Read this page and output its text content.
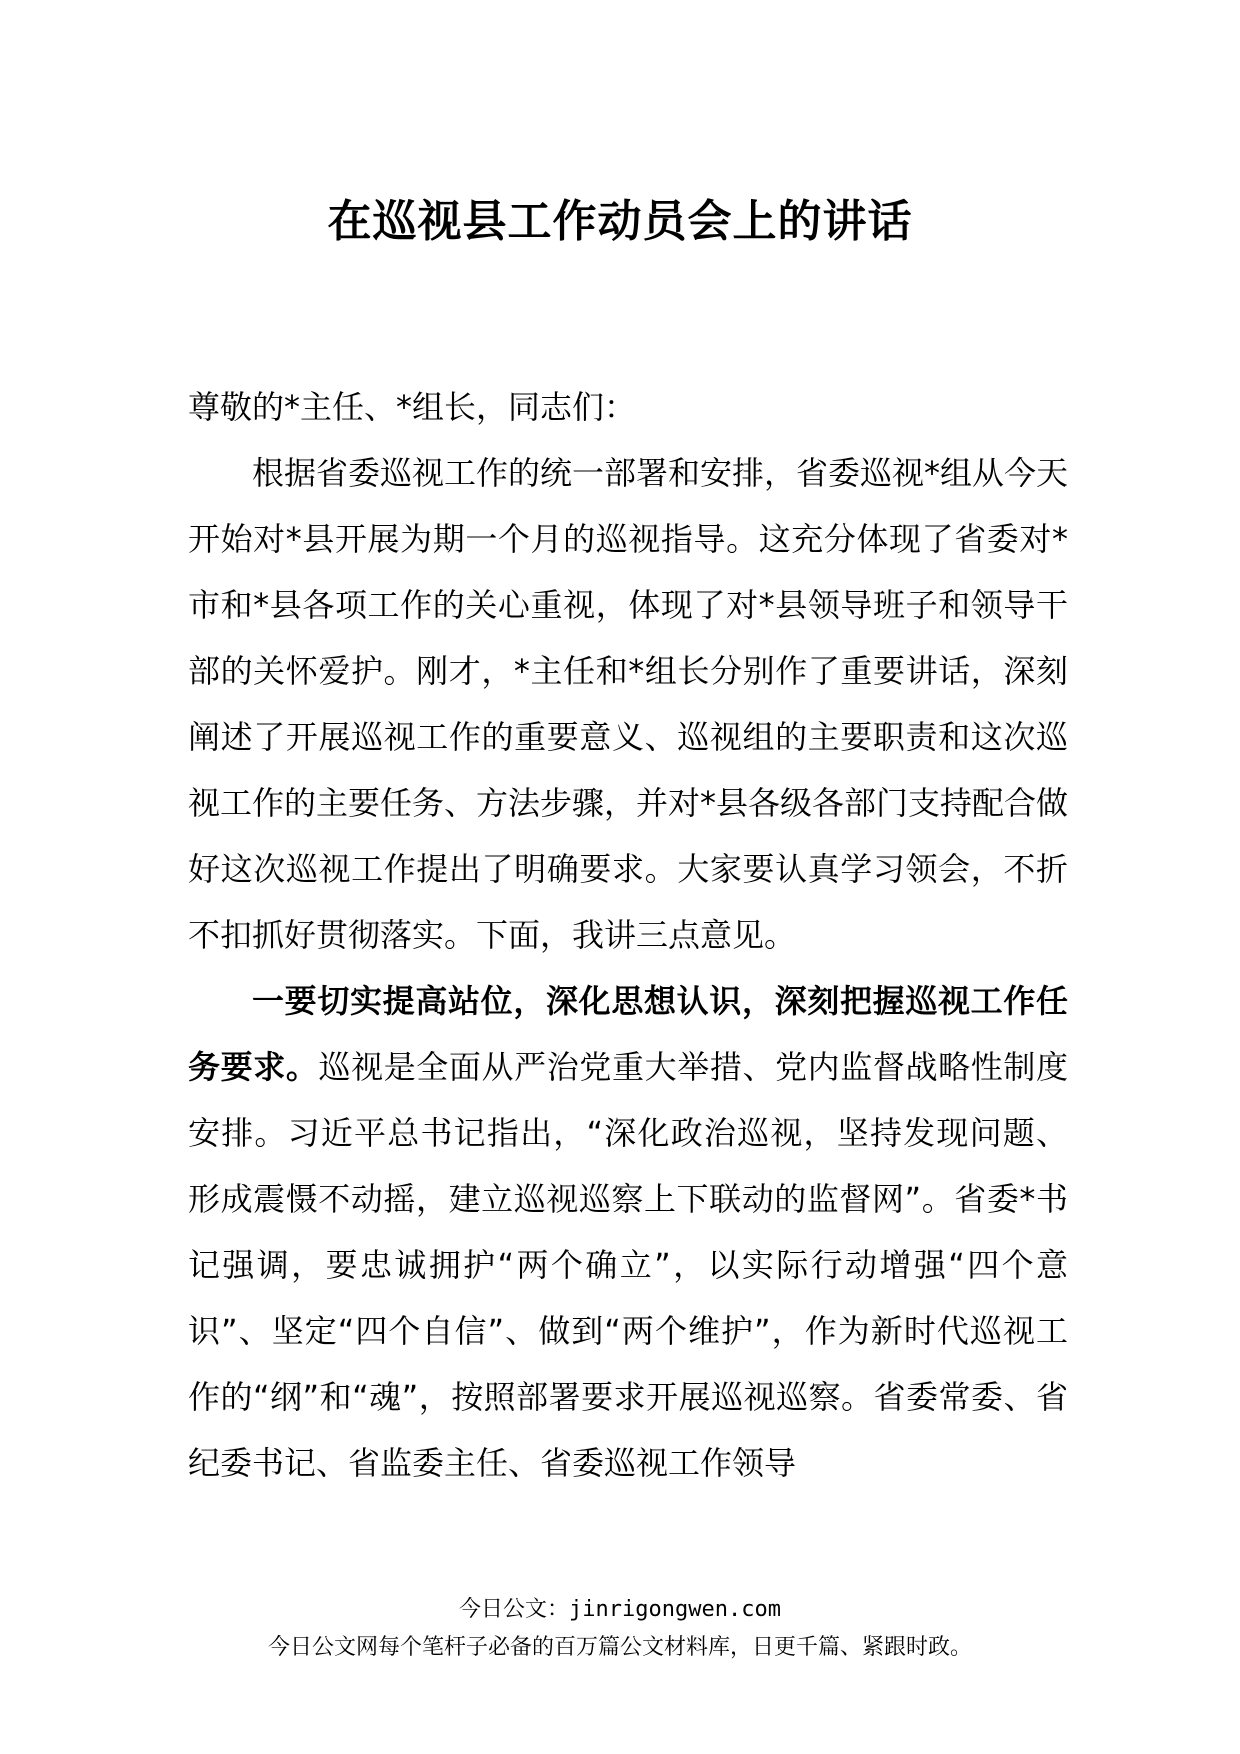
在巡视县工作动员会上的讲话

尊敬的*主任、*组长，同志们：

根据省委巡视工作的统一部署和安排，省委巡视*组从今天开始对*县开展为期一个月的巡视指导。这充分体现了省委对*市和*县各项工作的关心重视，体现了对*县领导班子和领导干部的关怀爱护。刚才，*主任和*组长分别作了重要讲话，深刻阐述了开展巡视工作的重要意义、巡视组的主要职责和这次巡视工作的主要任务、方法步骤，并对*县各级各部门支持配合做好这次巡视工作提出了明确要求。大家要认真学习领会，不折不扣抓好贯彻落实。下面，我讲三点意见。

一要切实提高站位，深化思想认识，深刻把握巡视工作任务要求。巡视是全面从严治党重大举措、党内监督战略性制度安排。习近平总书记指出，“深化政治巡视，坚持发现问题、形成震慑不动摇，建立巡视巡察上下联动的监督网”。省委*书记强调，要忠诚拥护“两个确立”，以实际行动增强“四个意识”、坚定“四个自信”、做到“两个维护”，作为新时代巡视工作的“纲”和“魂”，按照部署要求开展巡视巡察。省委常委、省纪委书记、省监委主任、省委巡视工作领导

今日公文：jinrigongwen.com
今日公文网每个笔杆子必备的百万篇公文材料库，日更千篇、紧跟时政。
